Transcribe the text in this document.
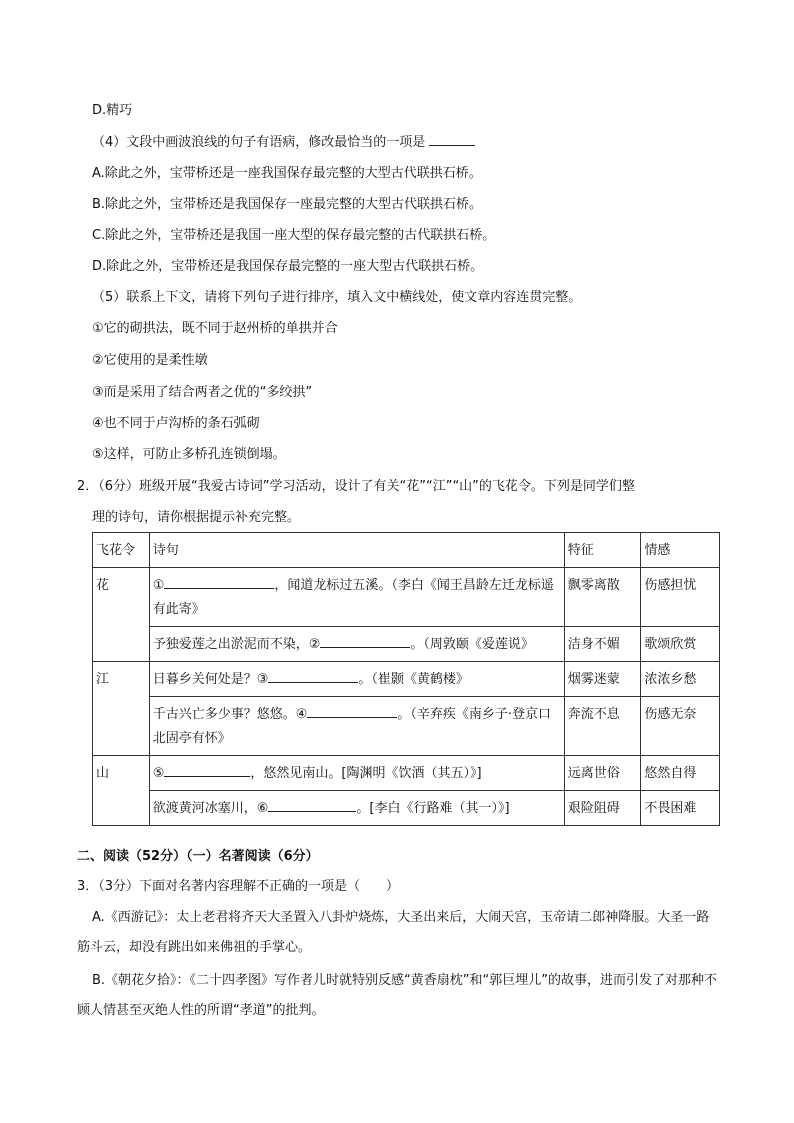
D.精巧
（4）文段中画波浪线的句子有语病，修改最恰当的一项是
A.除此之外，宝带桥还是一座我国保存最完整的大型古代联拱石桥。
B.除此之外，宝带桥还是我国保存一座最完整的大型古代联拱石桥。
C.除此之外，宝带桥还是我国一座大型的保存最完整的古代联拱石桥。
D.除此之外，宝带桥还是我国保存最完整的一座大型古代联拱石桥。
（5）联系上下文，请将下列句子进行排序，填入文中横线处，使文章内容连贯完整。
①它的砌拱法，既不同于赵州桥的单拱并合
②它使用的是柔性墩
③而是采用了结合两者之优的“多绞拱”
④也不同于卢沟桥的条石弧砌
⑤这样，可防止多桥孔连锁倒塌。
2．（6分）班级开展“我爱古诗词”学习活动，设计了有关“花”“江”“山”的飞花令。下列是同学们整
理的诗句，请你根据提示补充完整。
飞花令	诗句	特征	情感
花	① ，闻道龙标过五溪。（李白《闻王昌龄左迁龙标遥有此寄》	飘零离散	伤感担忧
	予独爱莲之出淤泥而不染，② 。（周敦颐《爱莲说》	洁身不媚	歌颂欣赏
江	日暮乡关何处是？③ 。（崔颢《黄鹤楼》	烟雾迷蒙	浓浓乡愁
	千古兴亡多少事？悠悠。④ 。（辛弃疾《南乡子·登京口北固亭有怀》	奔流不息	伤感无奈
山	⑤ ，悠然见南山。[陶渊明《饮酒（其五）》]	远离世俗	悠然自得
	欲渡黄河冰塞川，⑥ 。[李白《行路难（其一）》]	艰险阻碍	不畏困难
二、阅读（52分）（一）名著阅读（6分）
3．（3分）下面对名著内容理解不正确的一项是（　　）
A.《西游记》：太上老君将齐天大圣置入八卦炉烧炼，大圣出来后，大闹天宫，玉帝请二郎神降服。大圣一路筋斗云，却没有跳出如来佛祖的手掌心。
B.《朝花夕拾》：《二十四孝图》写作者儿时就特别反感“黄香扇枕”和“郭巨埋儿”的故事，进而引发了对那种不顾人情甚至灭绝人性的所谓“孝道”的批判。
